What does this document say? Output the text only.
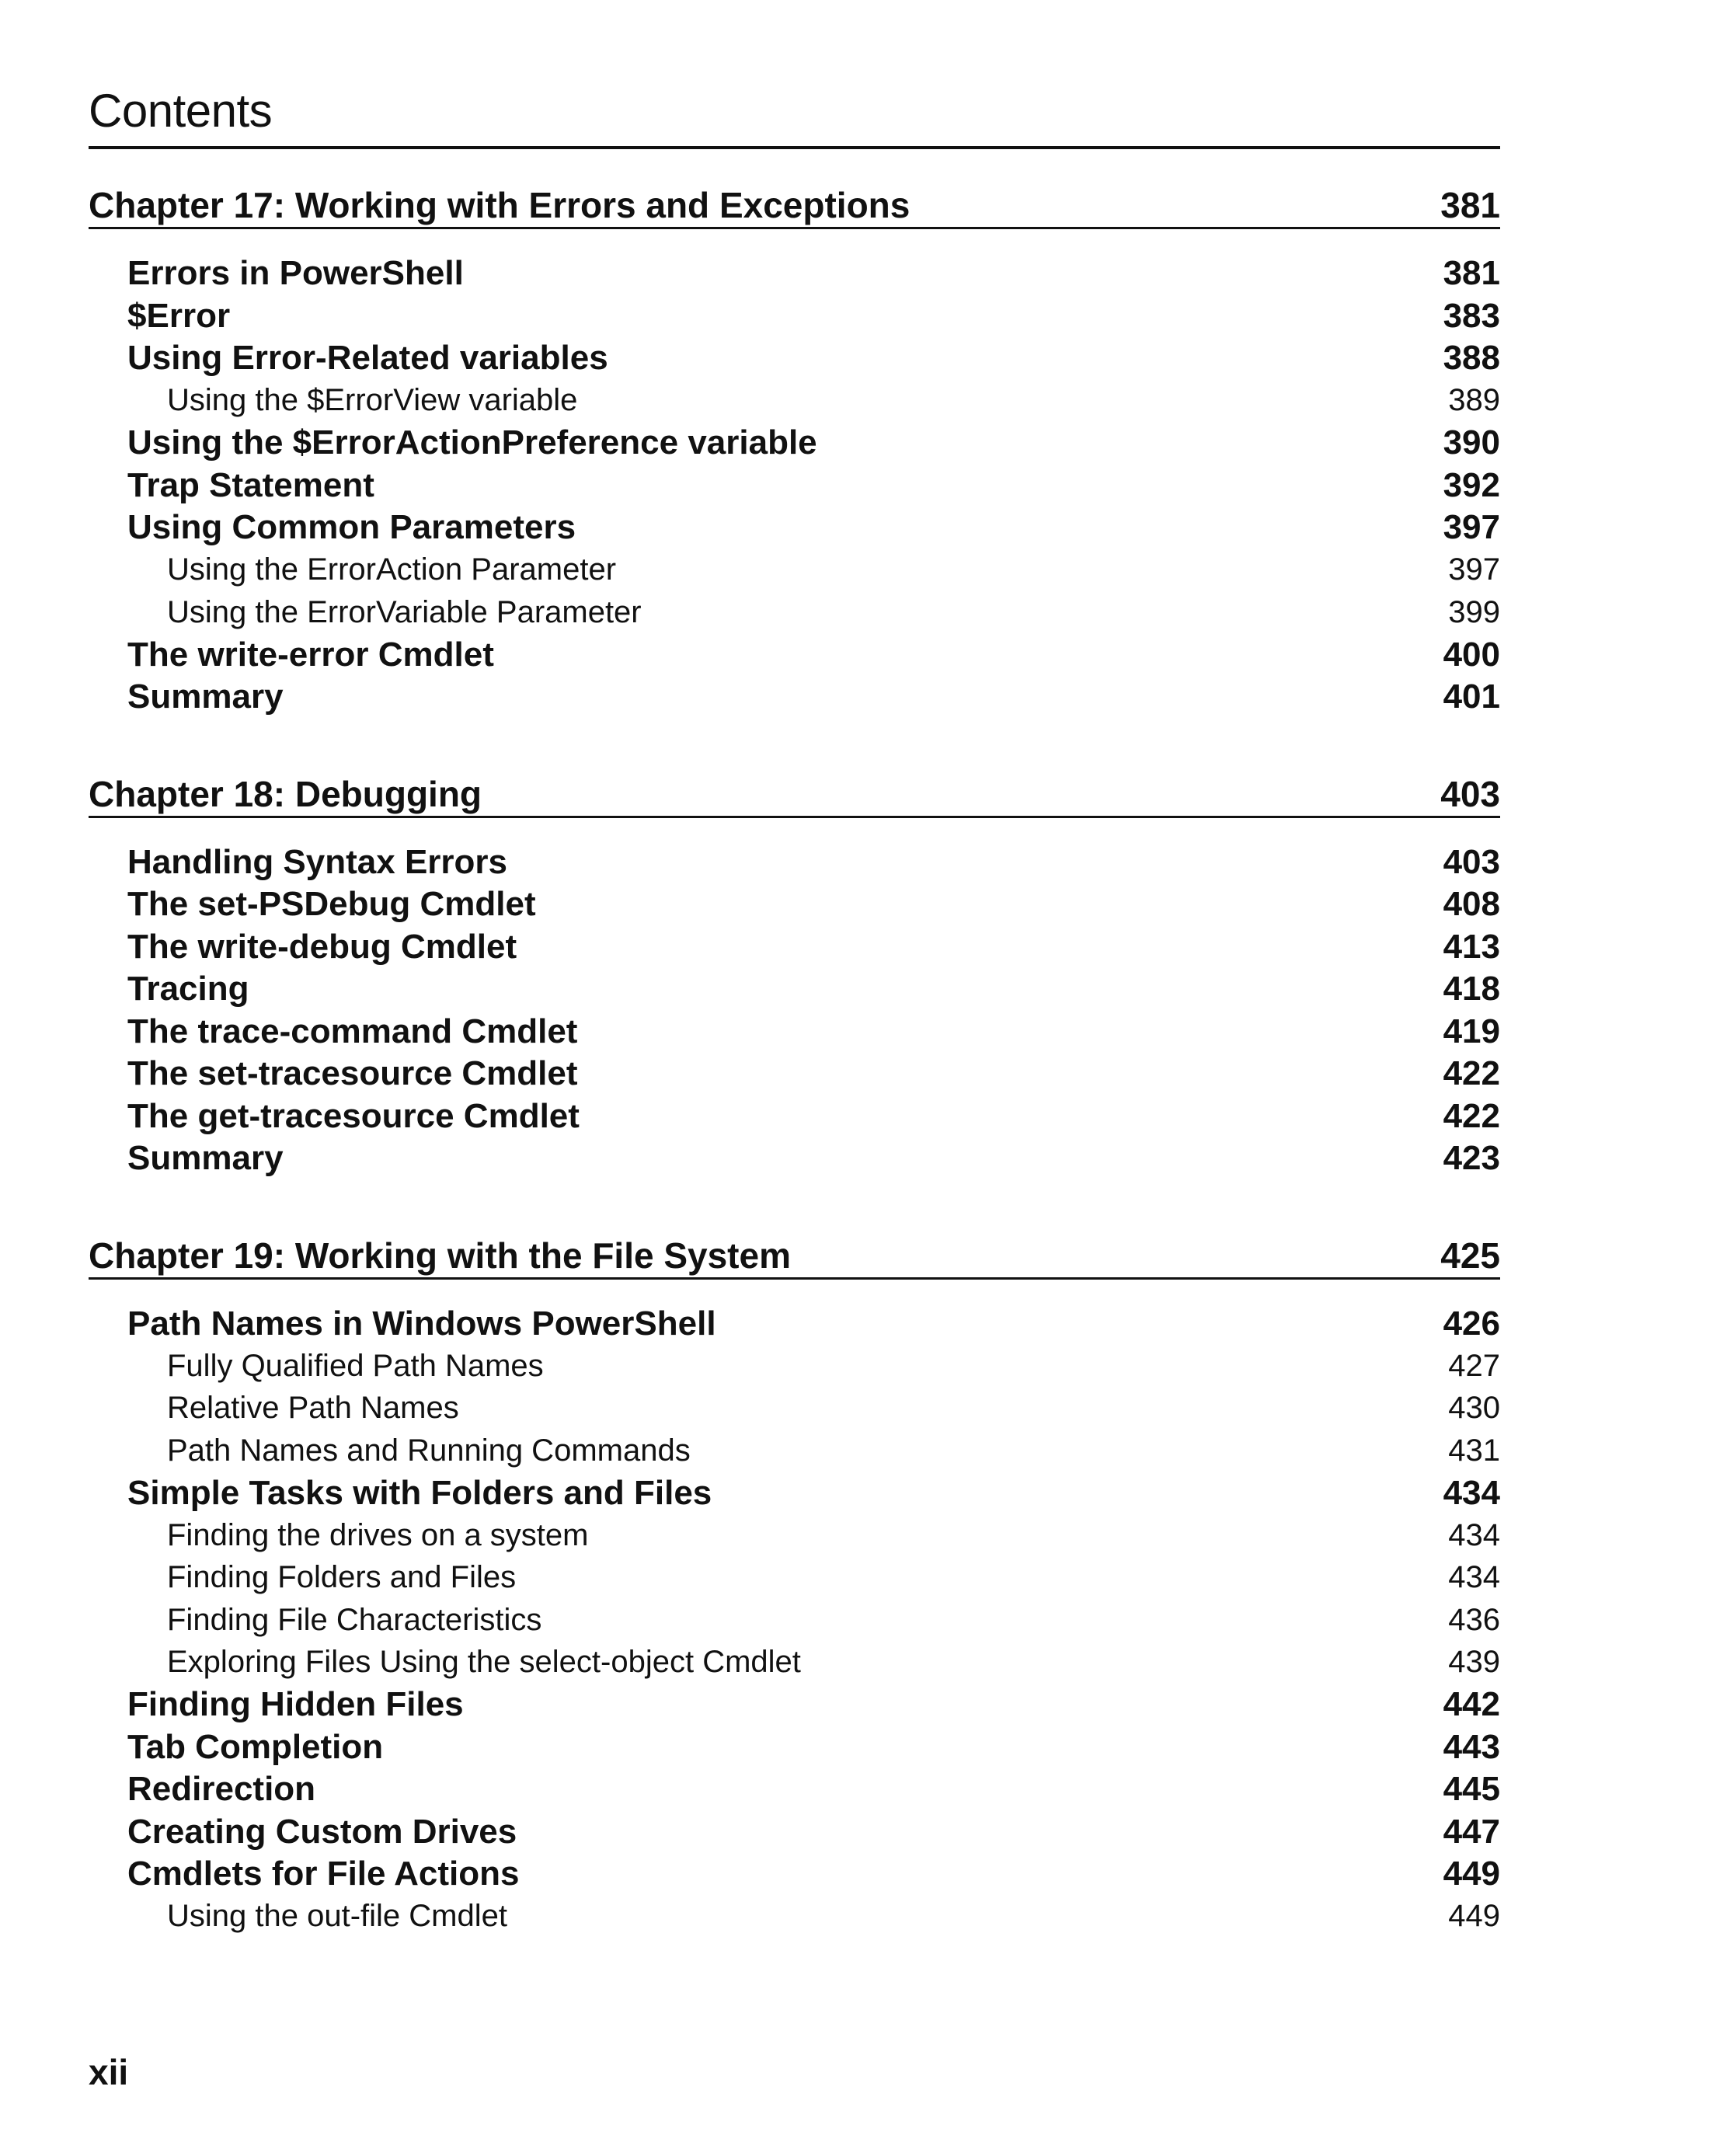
Contents
Chapter 17: Working with Errors and Exceptions	381
Errors in PowerShell	381
$Error	383
Using Error-Related variables	388
Using the $ErrorView variable	389
Using the $ErrorActionPreference variable	390
Trap Statement	392
Using Common Parameters	397
Using the ErrorAction Parameter	397
Using the ErrorVariable Parameter	399
The write-error Cmdlet	400
Summary	401
Chapter 18: Debugging	403
Handling Syntax Errors	403
The set-PSDebug Cmdlet	408
The write-debug Cmdlet	413
Tracing	418
The trace-command Cmdlet	419
The set-tracesource Cmdlet	422
The get-tracesource Cmdlet	422
Summary	423
Chapter 19: Working with the File System	425
Path Names in Windows PowerShell	426
Fully Qualified Path Names	427
Relative Path Names	430
Path Names and Running Commands	431
Simple Tasks with Folders and Files	434
Finding the drives on a system	434
Finding Folders and Files	434
Finding File Characteristics	436
Exploring Files Using the select-object Cmdlet	439
Finding Hidden Files	442
Tab Completion	443
Redirection	445
Creating Custom Drives	447
Cmdlets for File Actions	449
Using the out-file Cmdlet	449
xii
